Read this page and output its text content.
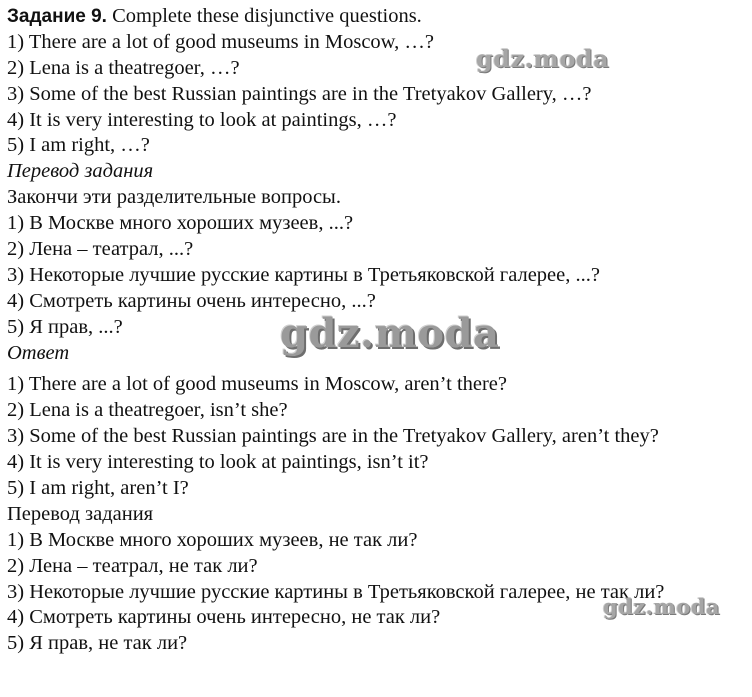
Задание 9. Complete these disjunctive questions.
1) There are a lot of good museums in Moscow, …?
2) Lena is a theatregoer, …?
3) Some of the best Russian paintings are in the Tretyakov Gallery, …?
4) It is very interesting to look at paintings, …?
5) I am right, …?
Перевод задания
Закончи эти разделительные вопросы.
1) В Москве много хороших музеев, ...?
2) Лена – театрал, ...?
3) Некоторые лучшие русские картины в Третьяковской галерее, ...?
4) Смотреть картины очень интересно, ...?
5) Я прав, ...?
Ответ
1) There are a lot of good museums in Moscow, aren’t there?
2) Lena is a theatregoer, isn’t she?
3) Some of the best Russian paintings are in the Tretyakov Gallery, aren’t they?
4) It is very interesting to look at paintings, isn’t it?
5) I am right, aren’t I?
Перевод задания
1) В Москве много хороших музеев, не так ли?
2) Лена – театрал, не так ли?
3) Некоторые лучшие русские картины в Третьяковской галерее, не так ли?
4) Смотреть картины очень интересно, не так ли?
5) Я прав, не так ли?
gdz.moda
gdz.moda
gdz.moda
